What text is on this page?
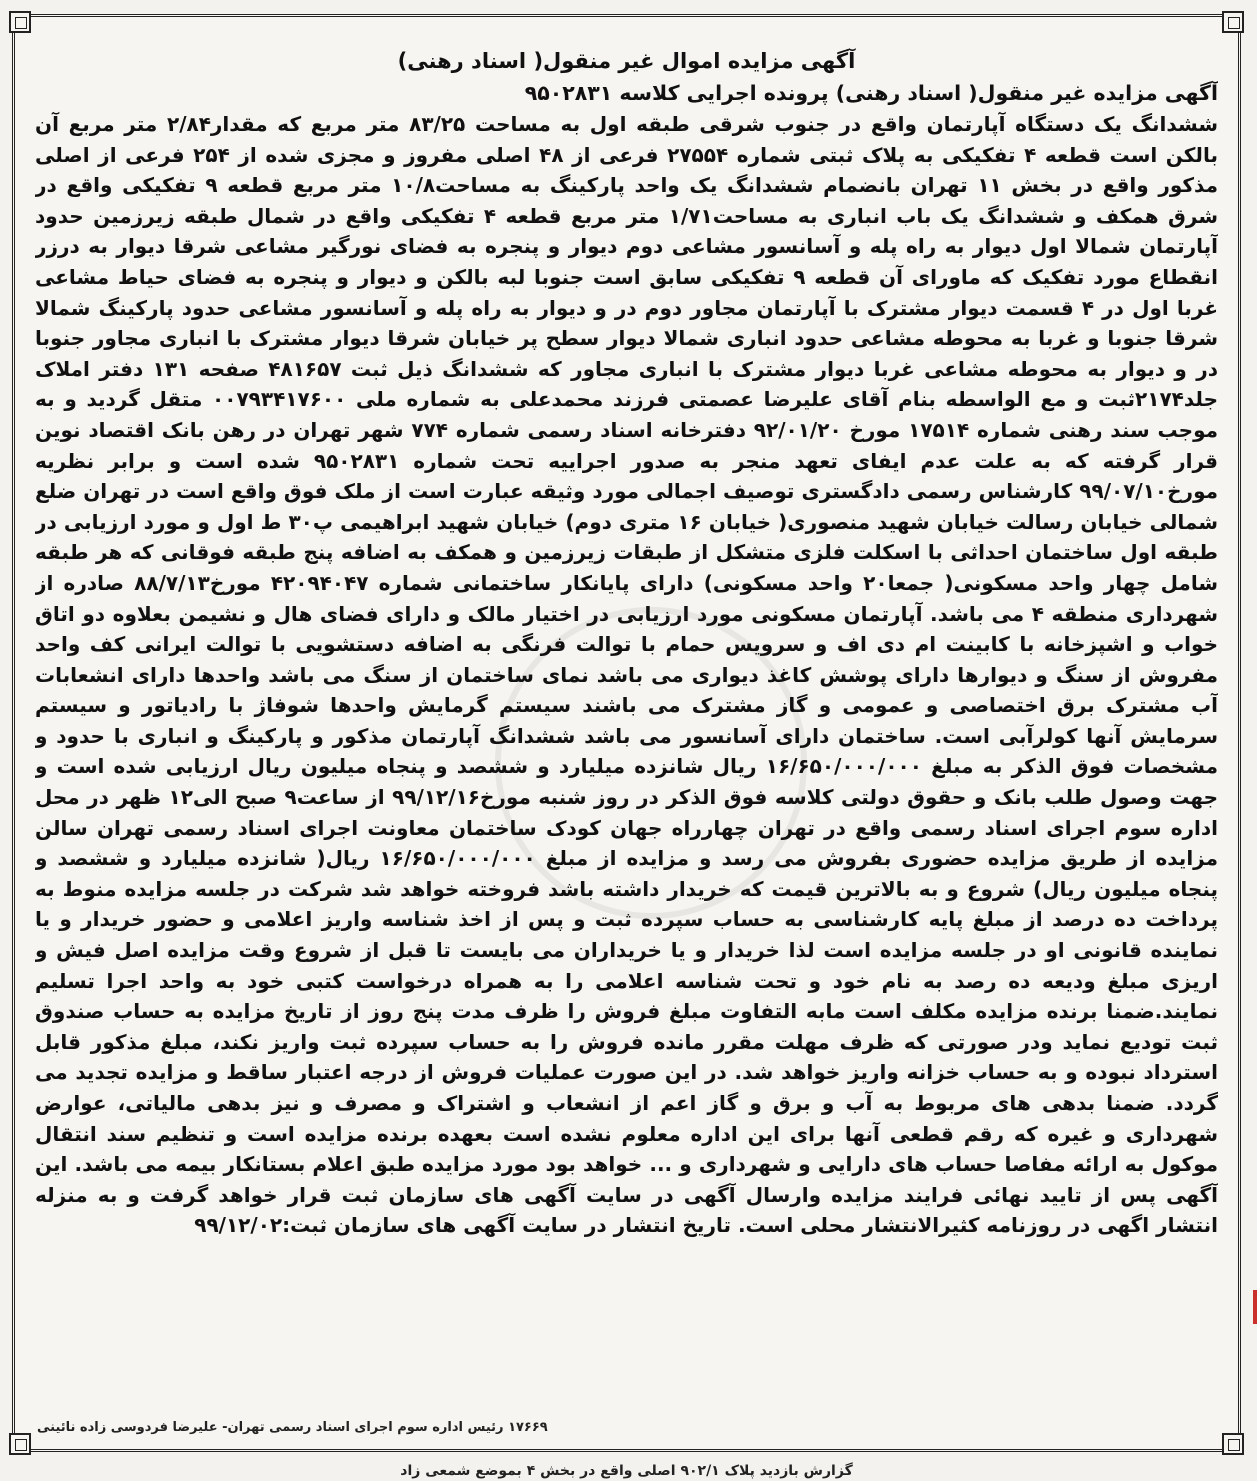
آگهی مزایده اموال غیر منقول( اسناد رهنی)
آگهی مزایده غیر منقول( اسناد رهنی) پرونده اجرایی کلاسه ۹۵۰۲۸۳۱

ششدانگ یک دستگاه آپارتمان واقع در جنوب شرقی طبقه اول به مساحت ۸۳/۲۵ متر مربع که مقدار۲/۸۴ متر مربع آن بالکن است قطعه ۴ تفکیکی به پلاک ثبتی شماره ۲۷۵۵۴ فرعی از ۴۸ اصلی مفروز و مجزی شده از ۲۵۴ فرعی از اصلی مذکور واقع در بخش ۱۱ تهران بانضمام ششدانگ یک واحد پارکینگ به مساحت۱۰/۸ متر مربع قطعه ۹ تفکیکی واقع در شرق همکف و ششدانگ یک باب انباری به مساحت۱/۷۱ متر مربع قطعه ۴ تفکیکی واقع در شمال طبقه زیرزمین حدود آپارتمان شمالا اول دیوار به راه پله و آسانسور مشاعی دوم دیوار و پنجره به فضای نورگیر مشاعی شرقا دیوار به درزر انقطاع مورد تفکیک که ماورای آن قطعه ۹ تفکیکی سابق است جنوبا لبه بالکن و دیوار و پنجره به فضای حیاط مشاعی غربا اول در ۴ قسمت دیوار مشترک با آپارتمان مجاور دوم در و دیوار به راه پله و آسانسور مشاعی حدود پارکینگ شمالا شرقا جنوبا و غربا به محوطه مشاعی حدود انباری شمالا دیوار سطح پر خیابان شرقا دیوار مشترک با انباری مجاور جنوبا در و دیوار به محوطه مشاعی غربا دیوار مشترک با انباری مجاور که ششدانگ ذیل ثبت ۴۸۱۶۵۷ صفحه ۱۳۱ دفتر املاک جلد۲۱۷۴ثبت و مع الواسطه بنام آقای علیرضا عصمتی فرزند محمدعلی به شماره ملی ۰۰۷۹۳۴۱۷۶۰۰ متقل گردید و به موجب سند رهنی شماره ۱۷۵۱۴ مورخ ۹۲/۰۱/۲۰ دفترخانه اسناد رسمی شماره ۷۷۴ شهر تهران در رهن بانک اقتصاد نوین قرار گرفته که به علت عدم ایفای تعهد منجر به صدور اجراییه تحت شماره ۹۵۰۲۸۳۱ شده است و برابر نظریه مورخ۹۹/۰۷/۱۰ کارشناس رسمی دادگستری توصیف اجمالی مورد وثیقه عبارت است از ملک فوق واقع است در تهران ضلع شمالی خیابان رسالت خیابان شهید منصوری( خیابان ۱۶ متری دوم) خیابان شهید ابراهیمی پ۳۰ ط اول و مورد ارزیابی در طبقه اول ساختمان احداثی با اسکلت فلزی متشکل از طبقات زیرزمین و همکف به اضافه پنج طبقه فوقانی که هر طبقه شامل چهار واحد مسکونی( جمعا۲۰ واحد مسکونی) دارای پایانکار ساختمانی شماره ۴۲۰۹۴۰۴۷ مورخ۸۸/۷/۱۳ صادره از شهرداری منطقه ۴ می باشد. آپارتمان مسکونی مورد ارزیابی در اختیار مالک و دارای فضای هال و نشیمن بعلاوه دو اتاق خواب و اشپزخانه با کابینت ام دی اف و سرویس حمام با توالت فرنگی به اضافه دستشویی با توالت ایرانی کف واحد مفروش از سنگ و دیوارها دارای پوشش کاغذ دیواری می باشد نمای ساختمان از سنگ می باشد واحدها دارای انشعابات آب مشترک برق اختصاصی و عمومی و گاز مشترک می باشند سیستم گرمایش واحدها شوفاژ با رادیاتور و سیستم سرمایش آنها کولرآبی است. ساختمان دارای آسانسور می باشد ششدانگ آپارتمان مذکور و پارکینگ و انباری با حدود و مشخصات فوق الذکر به مبلغ ۱۶/۶۵۰/۰۰۰/۰۰۰ ریال شانزده میلیارد و ششصد و پنجاه میلیون ریال ارزیابی شده است و جهت وصول طلب بانک و حقوق دولتی کلاسه فوق الذکر در روز شنبه مورخ۹۹/۱۲/۱۶ از ساعت۹ صبح الی۱۲ ظهر در محل اداره سوم اجرای اسناد رسمی واقع در تهران چهارراه جهان کودک ساختمان معاونت اجرای اسناد رسمی تهران سالن مزایده از طریق مزایده حضوری بفروش می رسد و مزایده از مبلغ ۱۶/۶۵۰/۰۰۰/۰۰۰ ریال( شانزده میلیارد و ششصد و پنجاه میلیون ریال) شروع و به بالاترین قیمت که خریدار داشته باشد فروخته خواهد شد شرکت در جلسه مزایده منوط به پرداخت ده درصد از مبلغ پایه کارشناسی به حساب سپرده ثبت و پس از اخذ شناسه واریز اعلامی و حضور خریدار و یا نماینده قانونی او در جلسه مزایده است لذا خریدار و یا خریداران می بایست تا قبل از شروع وقت مزایده اصل فیش و اریزی مبلغ ودیعه ده رصد به نام خود و تحت شناسه اعلامی را به همراه درخواست کتبی خود به واحد اجرا تسلیم نمایند.ضمنا برنده مزایده مکلف است مابه التفاوت مبلغ فروش را ظرف مدت پنج روز از تاریخ مزایده به حساب صندوق ثبت تودیع نماید ودر صورتی که ظرف مهلت مقرر مانده فروش را به حساب سپرده ثبت واریز نکند، مبلغ مذکور قابل استرداد نبوده و به حساب خزانه واریز خواهد شد. در این صورت عملیات فروش از درجه اعتبار ساقط و مزایده تجدید می گردد. ضمنا بدهی های مربوط به آب و برق و گاز اعم از انشعاب و اشتراک و مصرف و نیز بدهی مالیاتی، عوارض شهرداری و غیره که رقم قطعی آنها برای این اداره معلوم نشده است بعهده برنده مزایده است و تنظیم سند انتقال موکول به ارائه مفاصا حساب های دارایی و شهرداری و ... خواهد بود مورد مزایده طبق اعلام بستانکار بیمه می باشد. این آگهی پس از تایید نهائی فرایند مزایده وارسال آگهی در سایت آگهی های سازمان ثبت قرار خواهد گرفت و به منزله انتشار اگهی در روزنامه کثیرالانتشار محلی است. تاریخ انتشار در سایت آگهی های سازمان ثبت:۹۹/۱۲/۰۲

۱۷۶۶۹ رئیس اداره سوم اجرای اسناد رسمی تهران- علیرضا فردوسی زاده نائینی
گزارش بازدید پلاک ۹۰۲/۱ اصلی واقع در بخش ۴ بموضع شمعی زاد
